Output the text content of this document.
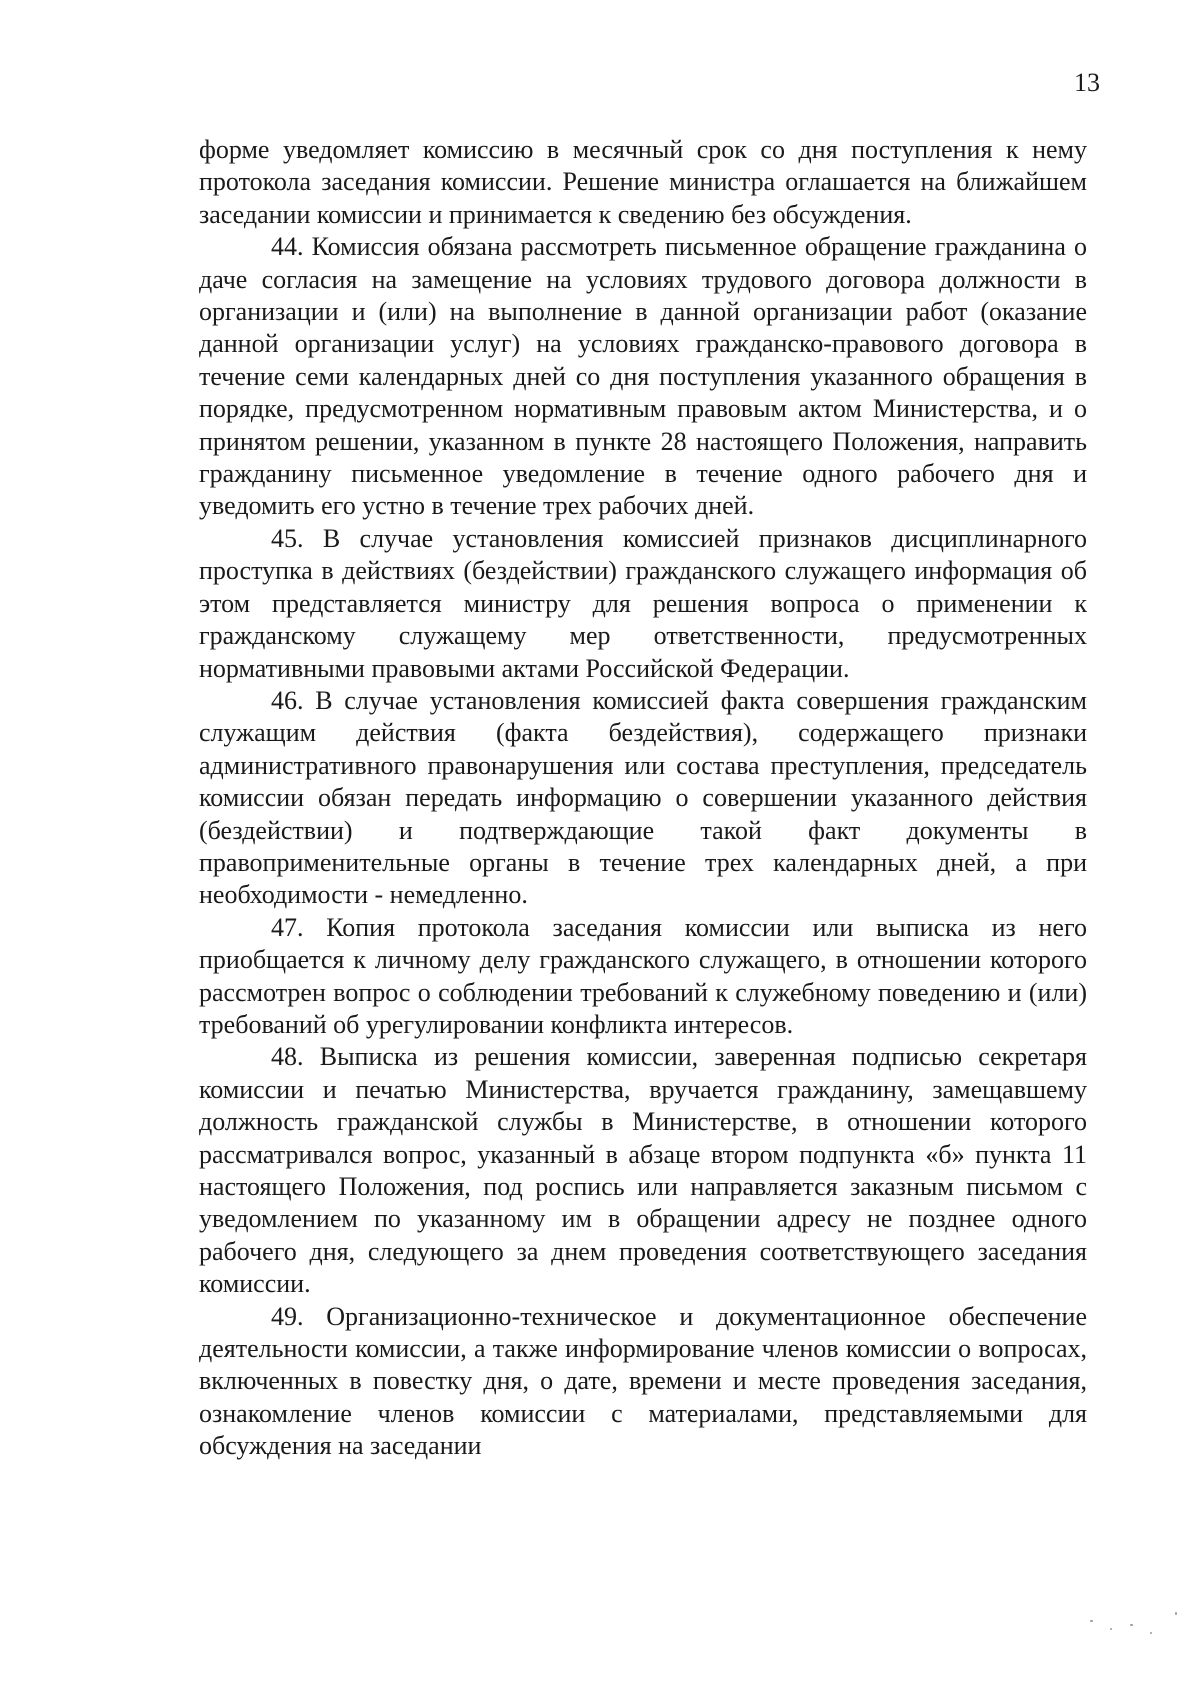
13

форме уведомляет комиссию в месячный срок со дня поступления к нему протокола заседания комиссии. Решение министра оглашается на ближайшем заседании комиссии и принимается к сведению без обсуждения.

44. Комиссия обязана рассмотреть письменное обращение гражданина о даче согласия на замещение на условиях трудового договора должности в организации и (или) на выполнение в данной организации работ (оказание данной организации услуг) на условиях гражданско-правового договора в течение семи календарных дней со дня поступления указанного обращения в порядке, предусмотренном нормативным правовым актом Министерства, и о принятом решении, указанном в пункте 28 настоящего Положения, направить гражданину письменное уведомление в течение одного рабочего дня и уведомить его устно в течение трех рабочих дней.

45. В случае установления комиссией признаков дисциплинарного проступка в действиях (бездействии) гражданского служащего информация об этом представляется министру для решения вопроса о применении к гражданскому служащему мер ответственности, предусмотренных нормативными правовыми актами Российской Федерации.

46. В случае установления комиссией факта совершения гражданским служащим действия (факта бездействия), содержащего признаки административного правонарушения или состава преступления, председатель комиссии обязан передать информацию о совершении указанного действия (бездействии) и подтверждающие такой факт документы в правоприменительные органы в течение трех календарных дней, а при необходимости - немедленно.

47. Копия протокола заседания комиссии или выписка из него приобщается к личному делу гражданского служащего, в отношении которого рассмотрен вопрос о соблюдении требований к служебному поведению и (или) требований об урегулировании конфликта интересов.

48. Выписка из решения комиссии, заверенная подписью секретаря комиссии и печатью Министерства, вручается гражданину, замещавшему должность гражданской службы в Министерстве, в отношении которого рассматривался вопрос, указанный в абзаце втором подпункта «б» пункта 11 настоящего Положения, под роспись или направляется заказным письмом с уведомлением по указанному им в обращении адресу не позднее одного рабочего дня, следующего за днем проведения соответствующего заседания комиссии.

49. Организационно-техническое и документационное обеспечение деятельности комиссии, а также информирование членов комиссии о вопросах, включенных в повестку дня, о дате, времени и месте проведения заседания, ознакомление членов комиссии с материалами, представляемыми для обсуждения на заседании
